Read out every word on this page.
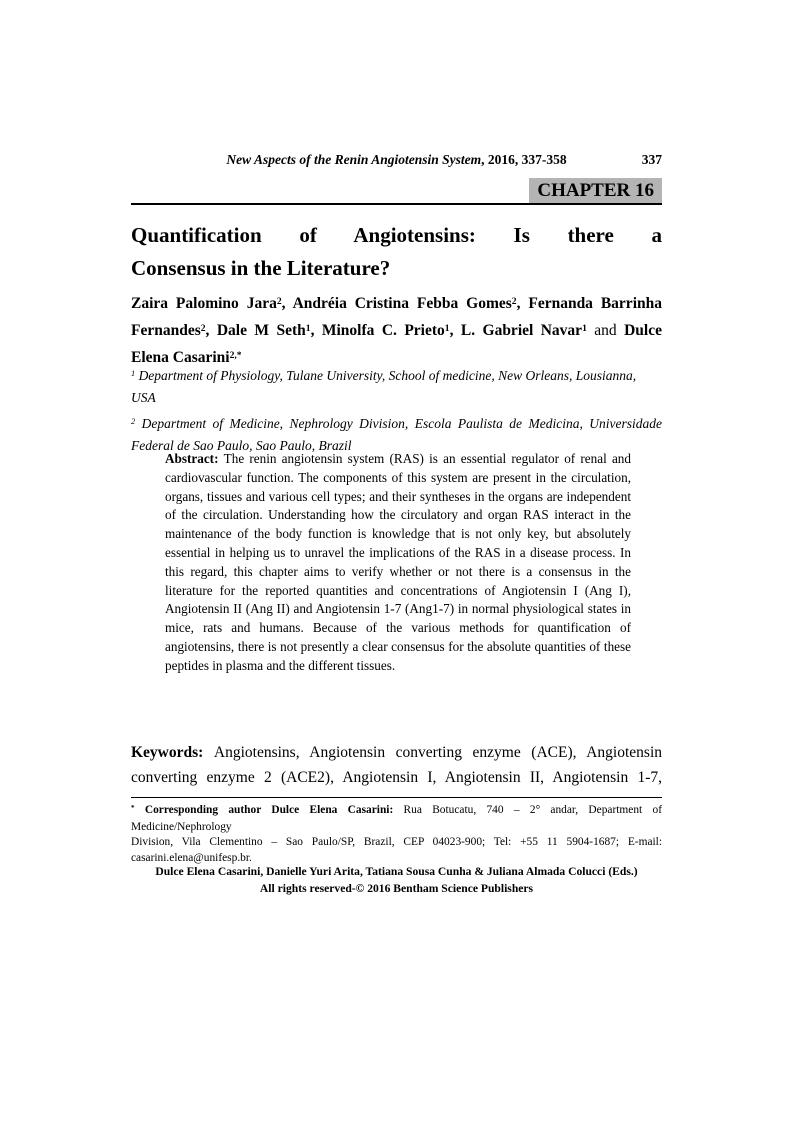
New Aspects of the Renin Angiotensin System, 2016, 337-358	337
CHAPTER 16
Quantification of Angiotensins: Is there a
Consensus in the Literature?
Zaira Palomino Jara$^2$, Andréia Cristina Febba Gomes$^2$, Fernanda Barrinha
Fernandes$^2$, Dale M Seth$^1$, Minolfa C. Prieto$^1$, L. Gabriel Navar$^1$ and Dulce
Elena Casarini$^{2,*}$
$^1$ Department of Physiology, Tulane University, School of medicine, New Orleans, Lousianna, USA
$^2$ Department of Medicine, Nephrology Division, Escola Paulista de Medicina, Universidade
Federal de Sao Paulo, Sao Paulo, Brazil
Abstract: The renin angiotensin system (RAS) is an essential regulator of renal and
cardiovascular function. The components of this system are present in the circulation,
organs, tissues and various cell types; and their syntheses in the organs are independent
of the circulation. Understanding how the circulatory and organ RAS interact in the
maintenance of the body function is knowledge that is not only key, but absolutely
essential in helping us to unravel the implications of the RAS in a disease process. In
this regard, this chapter aims to verify whether or not there is a consensus in the
literature for the reported quantities and concentrations of Angiotensin I (Ang I),
Angiotensin II (Ang II) and Angiotensin 1-7 (Ang1-7) in normal physiological states in
mice, rats and humans. Because of the various methods for quantification of
angiotensins, there is not presently a clear consensus for the absolute quantities of these
peptides in plasma and the different tissues.
Keywords: Angiotensins, Angiotensin converting enzyme (ACE), Angiotensin
converting enzyme 2 (ACE2), Angiotensin I, Angiotensin II, Angiotensin 1-7,
* Corresponding author Dulce Elena Casarini: Rua Botucatu, 740 – 2° andar, Department of Medicine/Nephrology
Division, Vila Clementino – Sao Paulo/SP, Brazil, CEP 04023-900; Tel: +55 11 5904-1687; E-mail:
casarini.elena@unifesp.br.
Dulce Elena Casarini, Danielle Yuri Arita, Tatiana Sousa Cunha & Juliana Almada Colucci (Eds.)
All rights reserved-© 2016 Bentham Science Publishers
